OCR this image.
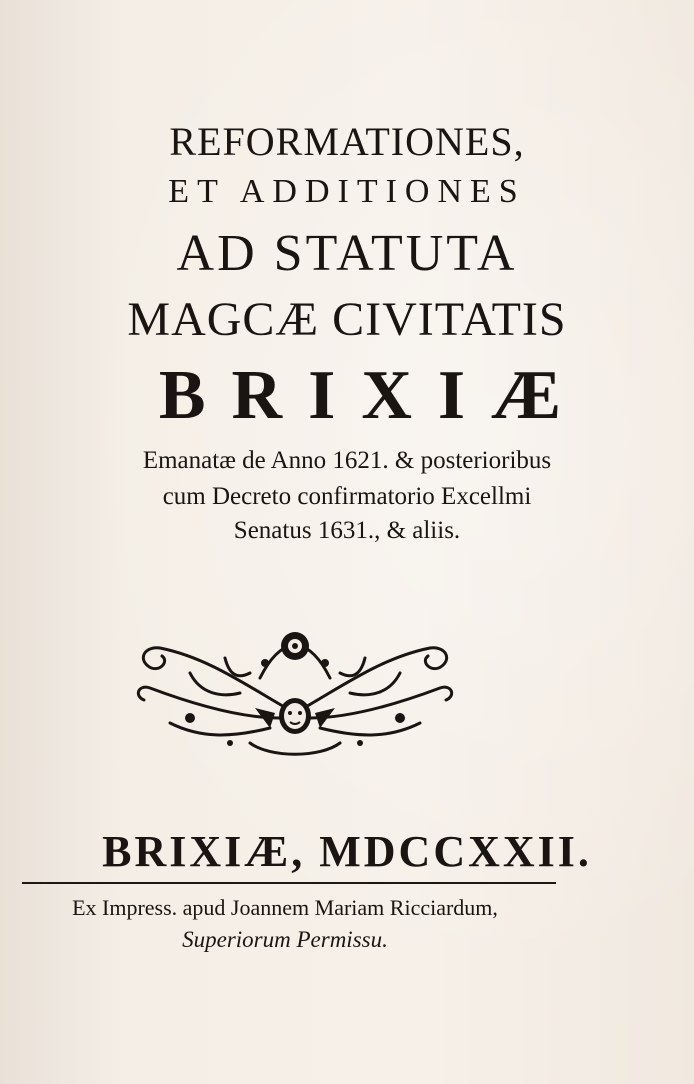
REFORMATIONES,
ET ADDITIONES
AD STATUTA
MAGCÆ CIVITATIS
BRIXIÆ
Emanatæ de Anno 1621. & posterioribus
cum Decreto confirmatorio Excellmi
Senatus 1631., & aliis.
BRIXIÆ, MDCCXXII.
Ex Impress. apud Joannem Mariam Ricciardum,
Superiorum Permissu.
